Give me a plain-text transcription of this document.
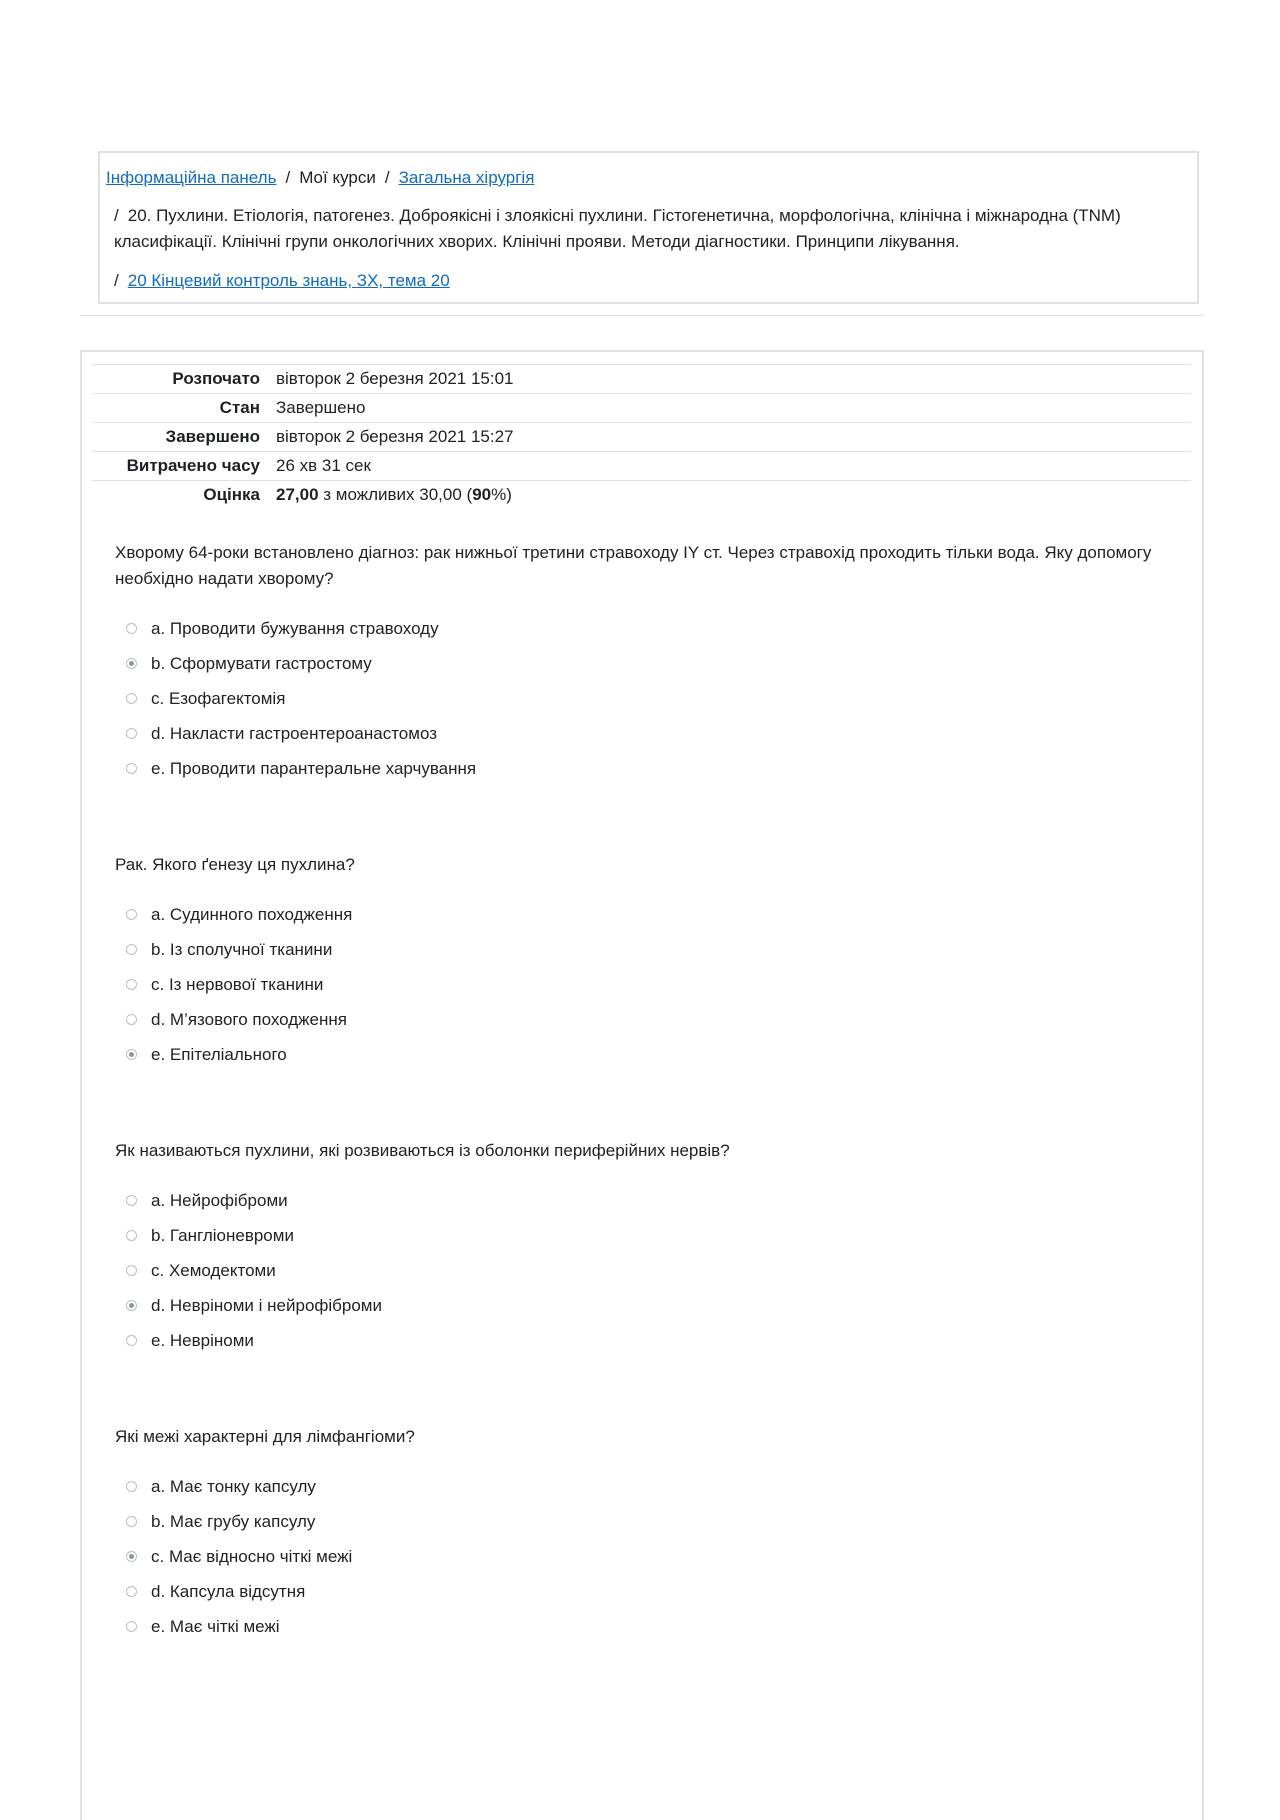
Інформаційна панель / Мої курси / Загальна хірургія
/ 20. Пухлини. Етіологія, патогенез. Доброякісні і злоякісні пухлини. Гістогенетична, морфологічна, клінічна і міжнародна (TNM) класифікації. Клінічні групи онкологічних хворих. Клінічні прояви. Методи діагностики. Принципи лікування.
/ 20 Кінцевий контроль знань, ЗХ, тема 20
Розпочато	вівторок 2 березня 2021 15:01
Стан	Завершено
Завершено	вівторок 2 березня 2021 15:27
Витрачено часу	26 хв 31 сек
Оцінка	27,00 з можливих 30,00 (90%)

Хворому 64-роки встановлено діагноз: рак нижньої третини стравоходу IY ст. Через стравохід проходить тільки вода. Яку допомогу необхідно надати хворому?

a. Проводити бужування стравоходу
b. Сформувати гастростому
c. Езофагектомія
d. Накласти гастроентероанастомоз
e. Проводити парантеральне харчування

Рак. Якого ґенезу ця пухлина?

a. Судинного походження
b. Із сполучної тканини
c. Із нервової тканини
d. М’язового походження
e. Епітеліального

Як називаються пухлини, які розвиваються із оболонки периферійних нервів?

a. Нейрофіброми
b. Гангліоневроми
c. Хемодектоми
d. Невріноми і нейрофіброми
e. Невріноми

Які межі характерні для лімфангіоми?

a. Має тонку капсулу
b. Має грубу капсулу
c. Має відносно чіткі межі
d. Капсула відсутня
e. Має чіткі межі
